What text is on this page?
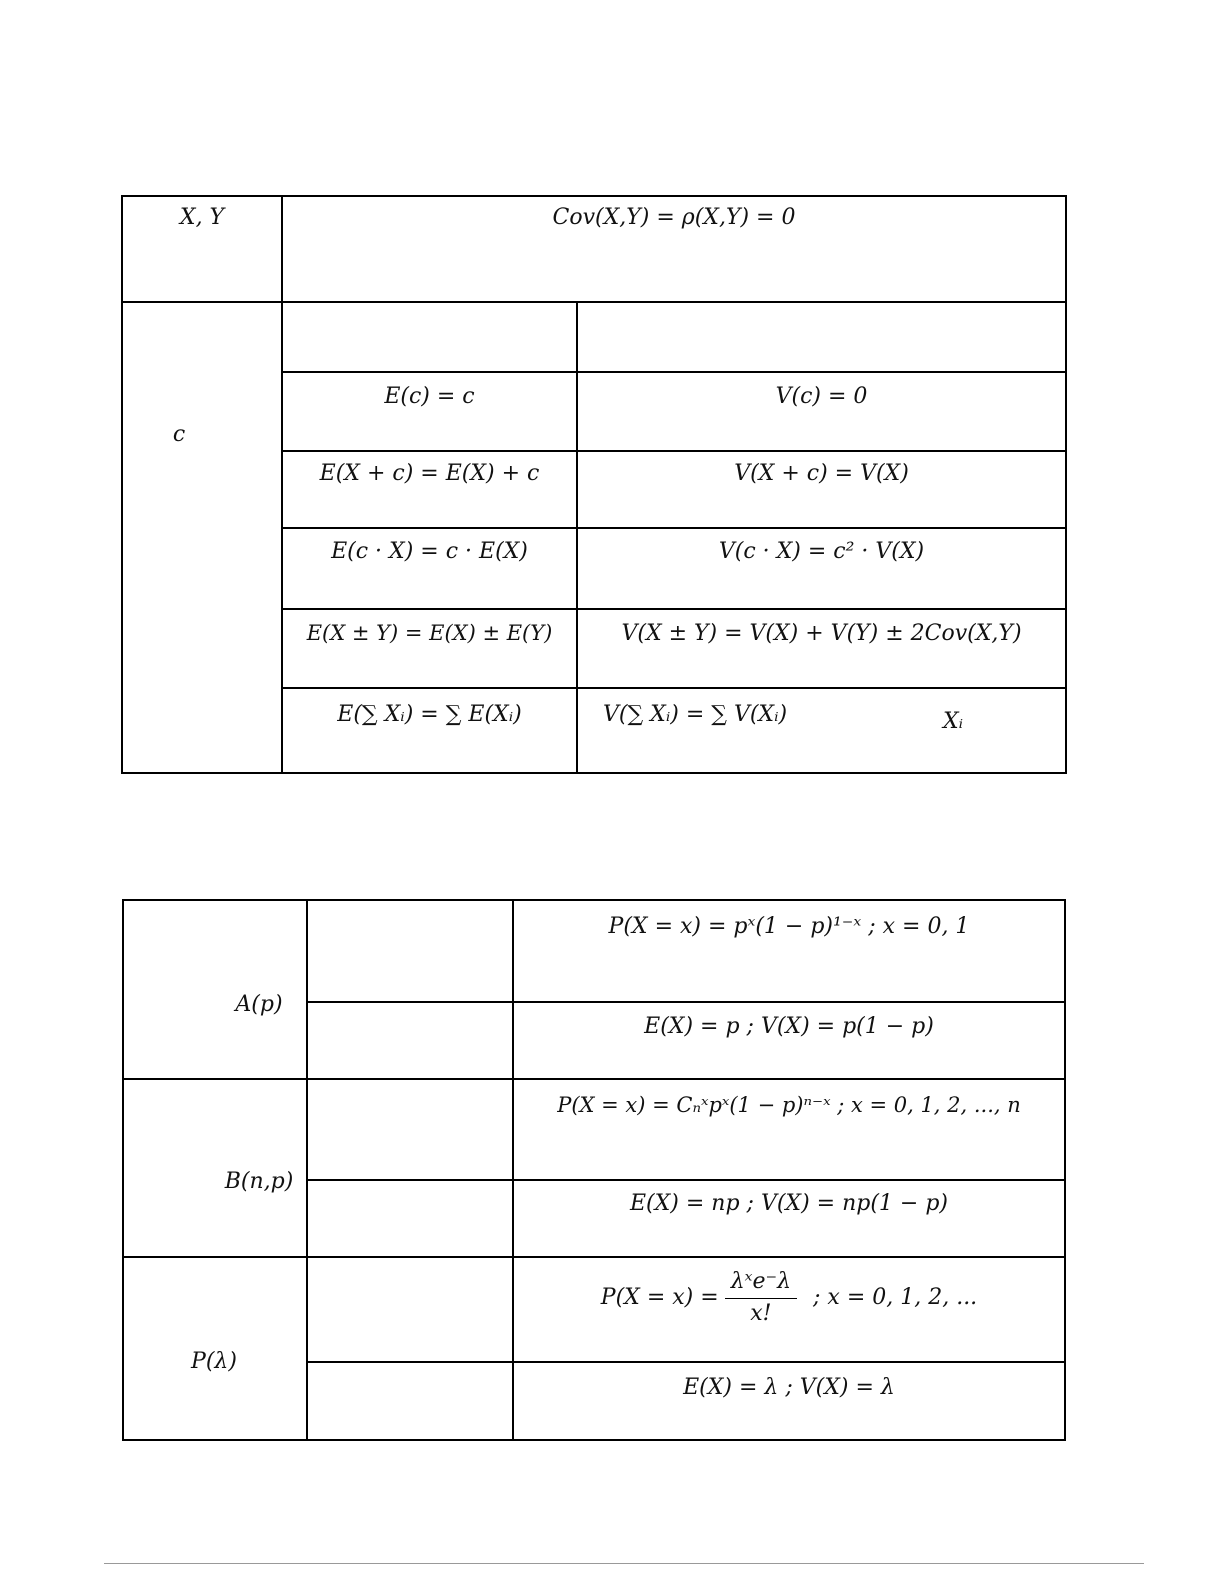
X, Y	Cov(X,Y) = ρ(X,Y) = 0
c
E(c) = c	V(c) = 0
E(X + c) = E(X) + c	V(X + c) = V(X)
E(c · X) = c · E(X)	V(c · X) = c² · V(X)
E(X ± Y) = E(X) ± E(Y)	V(X ± Y) = V(X) + V(Y) ± 2Cov(X,Y)
E(∑ Xᵢ) = ∑ E(Xᵢ)	V(∑ Xᵢ) = ∑ V(Xᵢ)	Xᵢ
A(p)
P(X = x) = pˣ(1 − p)¹⁻ˣ ; x = 0, 1
E(X) = p ; V(X) = p(1 − p)
B(n,p)
P(X = x) = Cₙˣpˣ(1 − p)ⁿ⁻ˣ ; x = 0, 1, 2, ..., n
E(X) = np ; V(X) = np(1 − p)
P(λ)
$P(X = x) = \frac{\text{λˣe⁻λ}}{x!}$ ; x = 0, 1, 2, ...
E(X) = λ ; V(X) = λ
